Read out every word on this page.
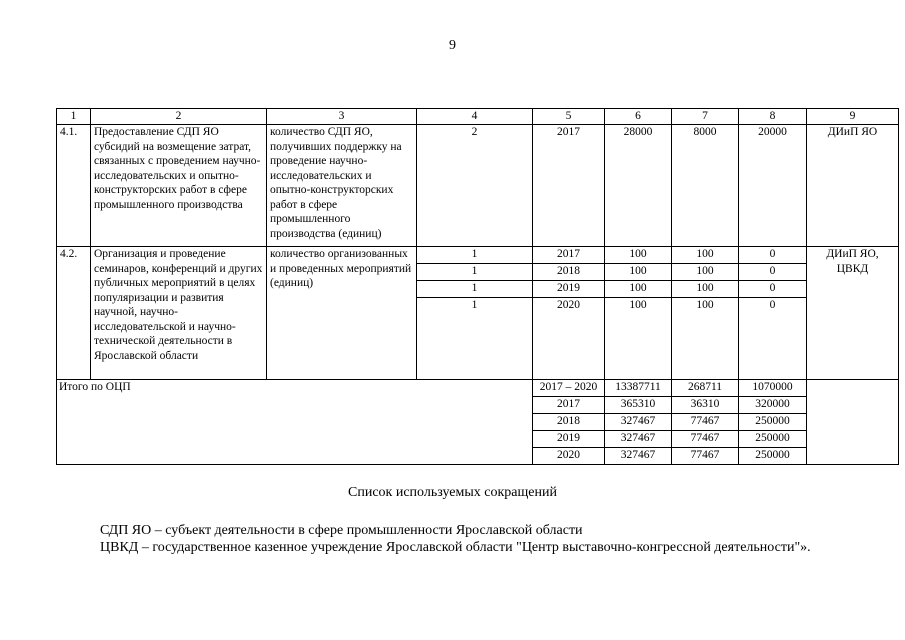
9
1	2	3	4	5	6	7	8	9
4.1.	Предоставление СДП ЯО субсидий на возмещение затрат, связанных с проведением научно-исследовательских и опытно-конструкторских работ в сфере промышленного производства	количество СДП ЯО, получивших поддержку на проведение научно-исследовательских и опытно-конструкторских работ в сфере промышленного производства (единиц)	2	2017	28000	8000	20000	ДИиП ЯО
4.2.	Организация и проведение семинаров, конференций и других публичных мероприятий в целях популяризации и развития научной, научно-исследовательской и научно-технической деятельности в Ярославской области	количество организованных и проведенных мероприятий (единиц)	1	2017	100	100	0	ДИиП ЯО, ЦВКД
			1	2018	100	100	0	
			1	2019	100	100	0	
			1	2020	100	100	0	
Итого по ОЦП				2017 – 2020	13387711	268711	1070000	
				2017	365310	36310	320000	
				2018	327467	77467	250000	
				2019	327467	77467	250000	
				2020	327467	77467	250000	
Список используемых сокращений
СДП ЯО – субъект деятельности в сфере промышленности Ярославской области
ЦВКД – государственное казенное учреждение Ярославской области "Центр выставочно-конгрессной деятельности"».
